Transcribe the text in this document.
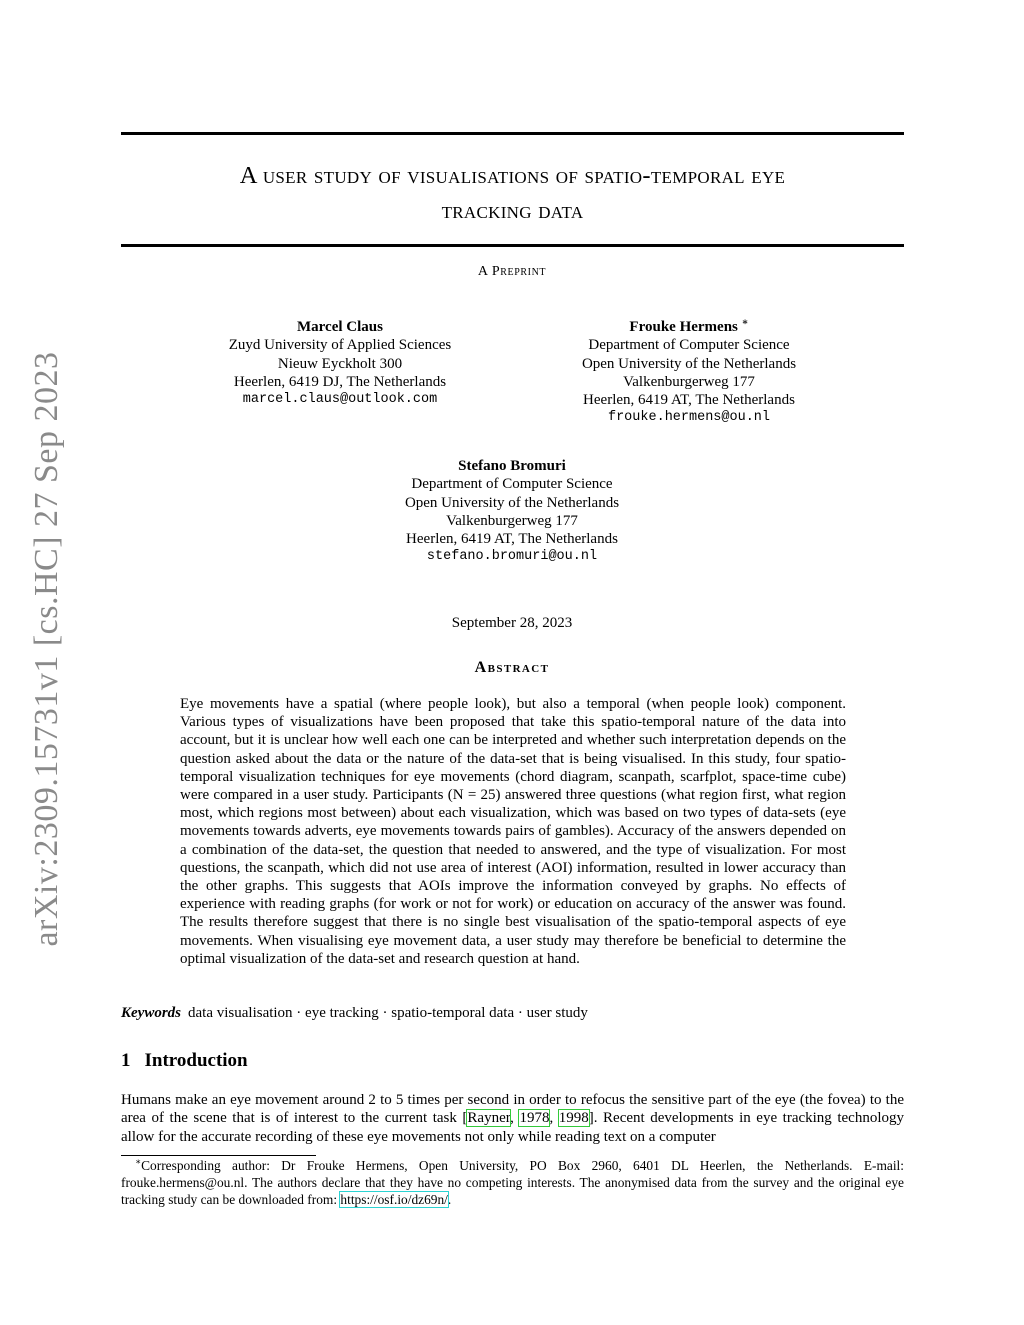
arXiv:2309.15731v1 [cs.HC] 27 Sep 2023
A user study of visualisations of spatio-temporal eye
tracking data
A Preprint
Marcel Claus
Zuyd University of Applied Sciences
Nieuw Eyckholt 300
Heerlen, 6419 DJ, The Netherlands
marcel.claus@outlook.com
Frouke Hermens ∗
Department of Computer Science
Open University of the Netherlands
Valkenburgerweg 177
Heerlen, 6419 AT, The Netherlands
frouke.hermens@ou.nl
Stefano Bromuri
Department of Computer Science
Open University of the Netherlands
Valkenburgerweg 177
Heerlen, 6419 AT, The Netherlands
stefano.bromuri@ou.nl
September 28, 2023
Abstract
Eye movements have a spatial (where people look), but also a temporal (when people look) component. Various types of visualizations have been proposed that take this spatio-temporal nature of the data into account, but it is unclear how well each one can be interpreted and whether such interpretation depends on the question asked about the data or the nature of the data-set that is being visualised. In this study, four spatio-temporal visualization techniques for eye movements (chord diagram, scanpath, scarfplot, space-time cube) were compared in a user study. Participants (N = 25) answered three questions (what region first, what region most, which regions most between) about each visualization, which was based on two types of data-sets (eye movements towards adverts, eye movements towards pairs of gambles). Accuracy of the answers depended on a combination of the data-set, the question that needed to answered, and the type of visualization. For most questions, the scanpath, which did not use area of interest (AOI) information, resulted in lower accuracy than the other graphs. This suggests that AOIs improve the information conveyed by graphs. No effects of experience with reading graphs (for work or not for work) or education on accuracy of the answer was found. The results therefore suggest that there is no single best visualisation of the spatio-temporal aspects of eye movements. When visualising eye movement data, a user study may therefore be beneficial to determine the optimal visualization of the data-set and research question at hand.
Keywords data visualisation · eye tracking · spatio-temporal data · user study
1 Introduction
Humans make an eye movement around 2 to 5 times per second in order to refocus the sensitive part of the eye (the fovea) to the area of the scene that is of interest to the current task [Rayner, 1978, 1998]. Recent developments in eye tracking technology allow for the accurate recording of these eye movements not only while reading text on a computer
∗Corresponding author: Dr Frouke Hermens, Open University, PO Box 2960, 6401 DL Heerlen, the Netherlands. E-mail: frouke.hermens@ou.nl. The authors declare that they have no competing interests. The anonymised data from the survey and the original eye tracking study can be downloaded from: https://osf.io/dz69n/.
